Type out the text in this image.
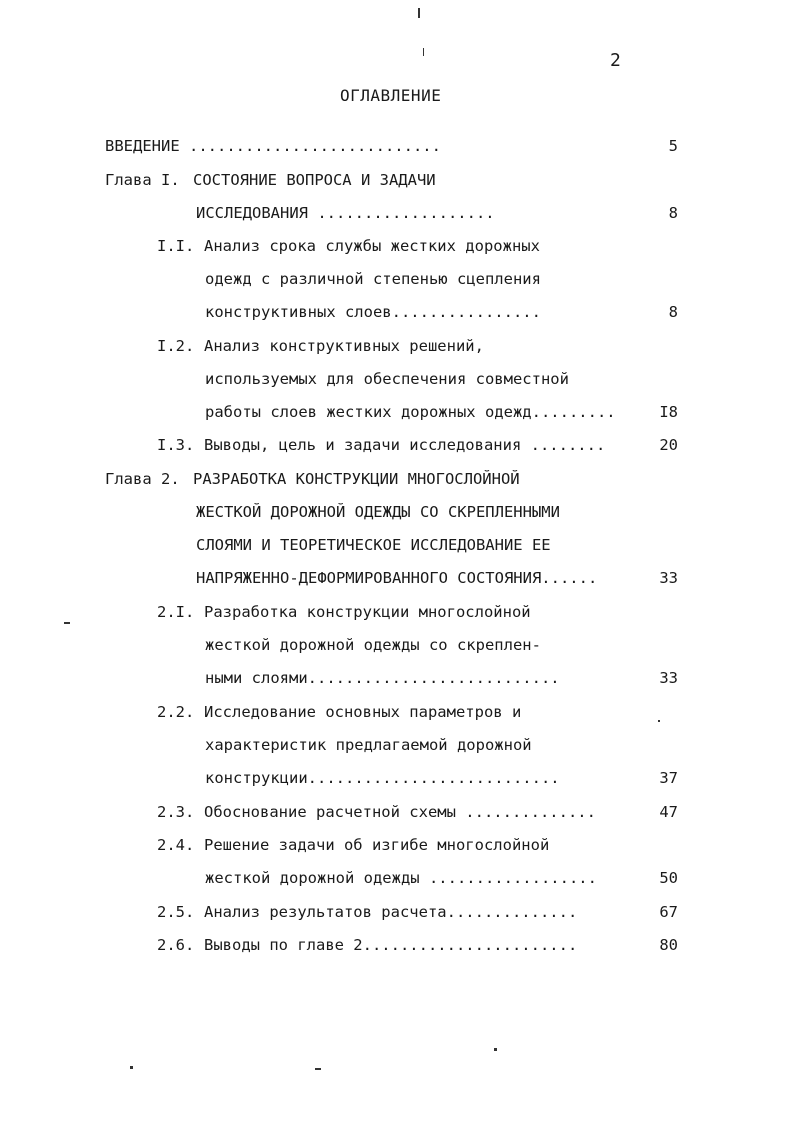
2
ОГЛАВЛЕНИЕ
ВВЕДЕНИЕ ...........................	5
Глава I. СОСТОЯНИЕ ВОПРОСА И ЗАДАЧИ
ИССЛЕДОВАНИЯ ...................	8
I.I. Анализ срока службы жестких дорожных
одежд с различной степенью сцепления
конструктивных слоев................	8
I.2. Анализ конструктивных решений,
используемых для обеспечения совместной
работы слоев жестких дорожных одежд.........	I8
I.3. Выводы, цель и задачи исследования ........	20
Глава 2. РАЗРАБОТКА КОНСТРУКЦИИ МНОГОСЛОЙНОЙ
ЖЕСТКОЙ ДОРОЖНОЙ ОДЕЖДЫ СО СКРЕПЛЕННЫМИ
СЛОЯМИ И ТЕОРЕТИЧЕСКОЕ ИССЛЕДОВАНИЕ ЕЕ
НАПРЯЖЕННО-ДЕФОРМИРОВАННОГО СОСТОЯНИЯ......	33
2.I. Разработка конструкции многослойной
жесткой дорожной одежды со скреплен-
ными слоями...........................	33
2.2. Исследование основных параметров и
характеристик предлагаемой дорожной
конструкции...........................	37
2.3. Обоснование расчетной схемы ..............	47
2.4. Решение задачи об изгибе многослойной
жесткой дорожной одежды ..................	50
2.5. Анализ результатов расчета..............	67
2.6. Выводы по главе 2.......................	80
